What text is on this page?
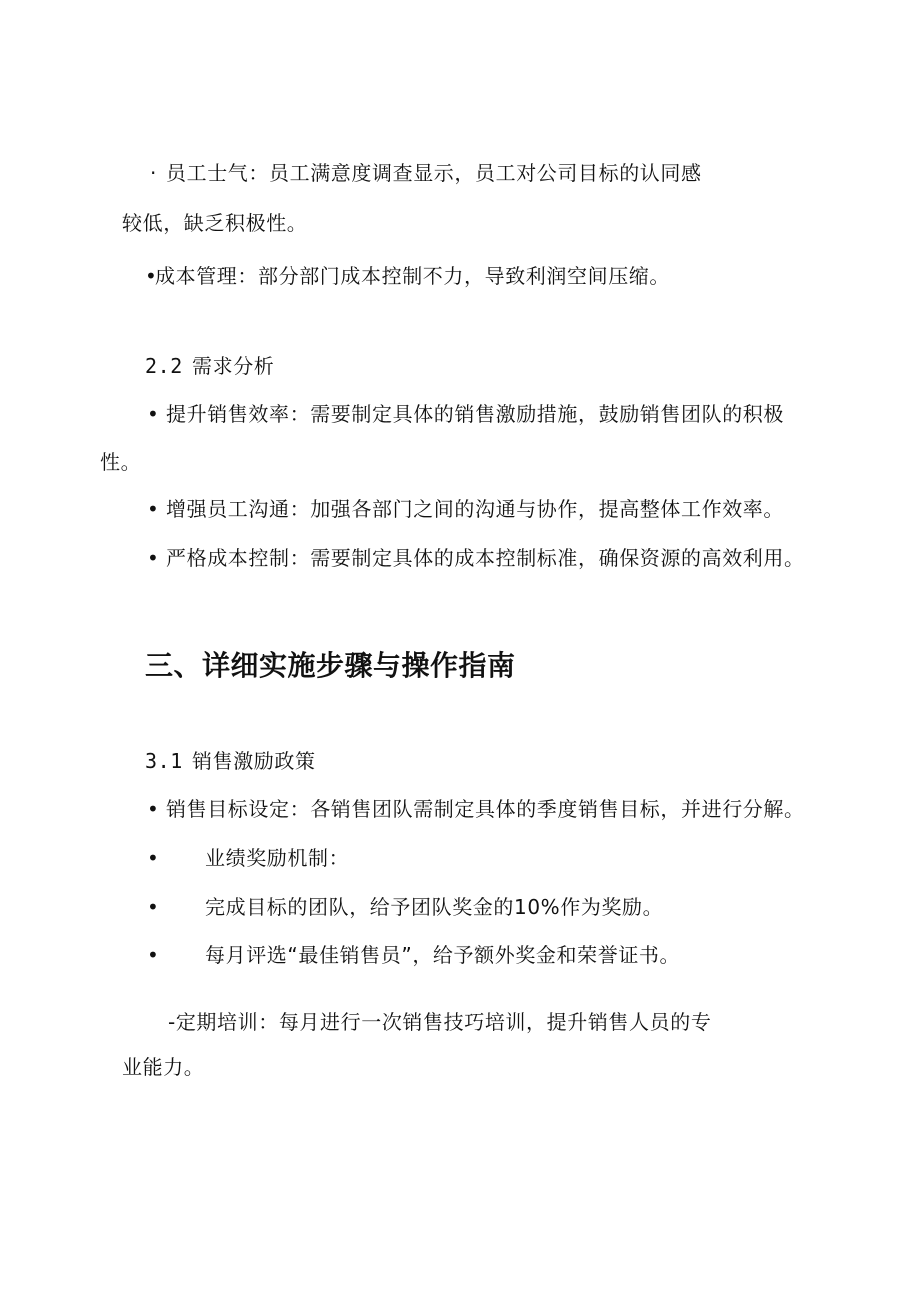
· 员工士气：员工满意度调查显示，员工对公司目标的认同感
较低，缺乏积极性。
•
成本管理：部分部门成本控制不力，导致利润空间压缩。
2.2 需求分析
• 提升销售效率：需要制定具体的销售激励措施，鼓励销售团队的积极
性。
• 增强员工沟通：加强各部门之间的沟通与协作，提高整体工作效率。
• 严格成本控制：需要制定具体的成本控制标准，确保资源的高效利用。
三、详细实施步骤与操作指南
3.1 销售激励政策
• 销售目标设定：各销售团队需制定具体的季度销售目标，并进行分解。
• 业绩奖励机制：
• 完成目标的团队，给予团队奖金的10%作为奖励。
• 每月评选“最佳销售员”，给予额外奖金和荣誉证书。
-定期培训：每月进行一次销售技巧培训，提升销售人员的专
业能力。
